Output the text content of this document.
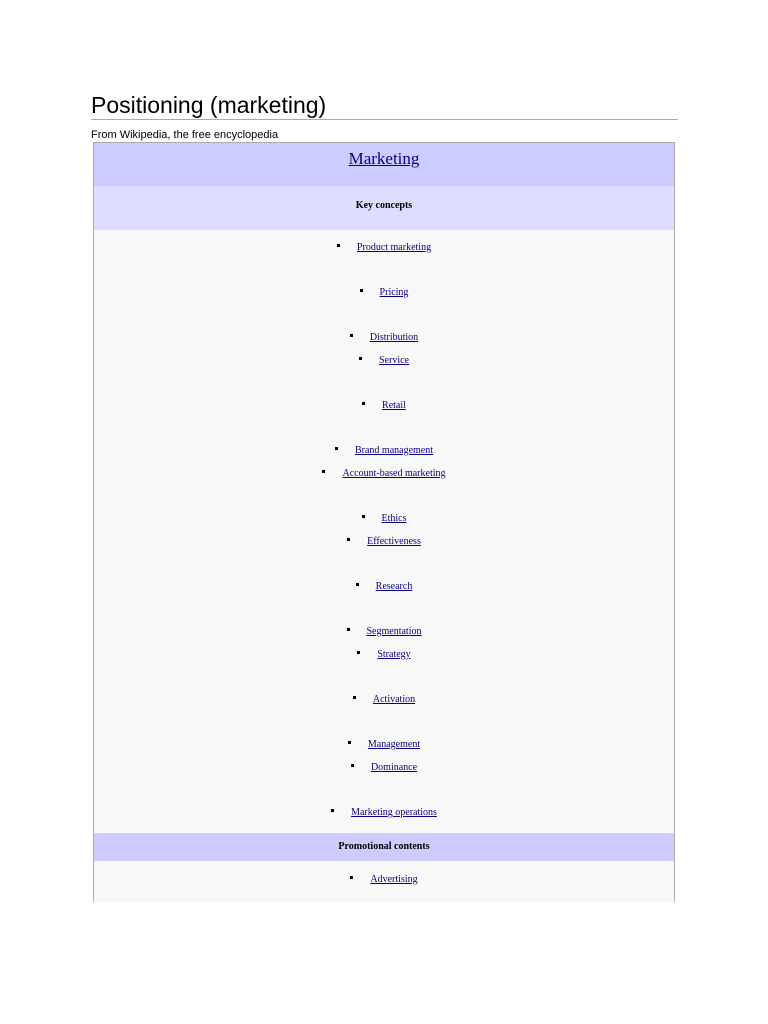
Positioning (marketing)
From Wikipedia, the free encyclopedia
Marketing
Key concepts
Product marketing
Pricing
Distribution
Service
Retail
Brand management
Account-based marketing
Ethics
Effectiveness
Research
Segmentation
Strategy
Activation
Management
Dominance
Marketing operations
Promotional contents
Advertising
